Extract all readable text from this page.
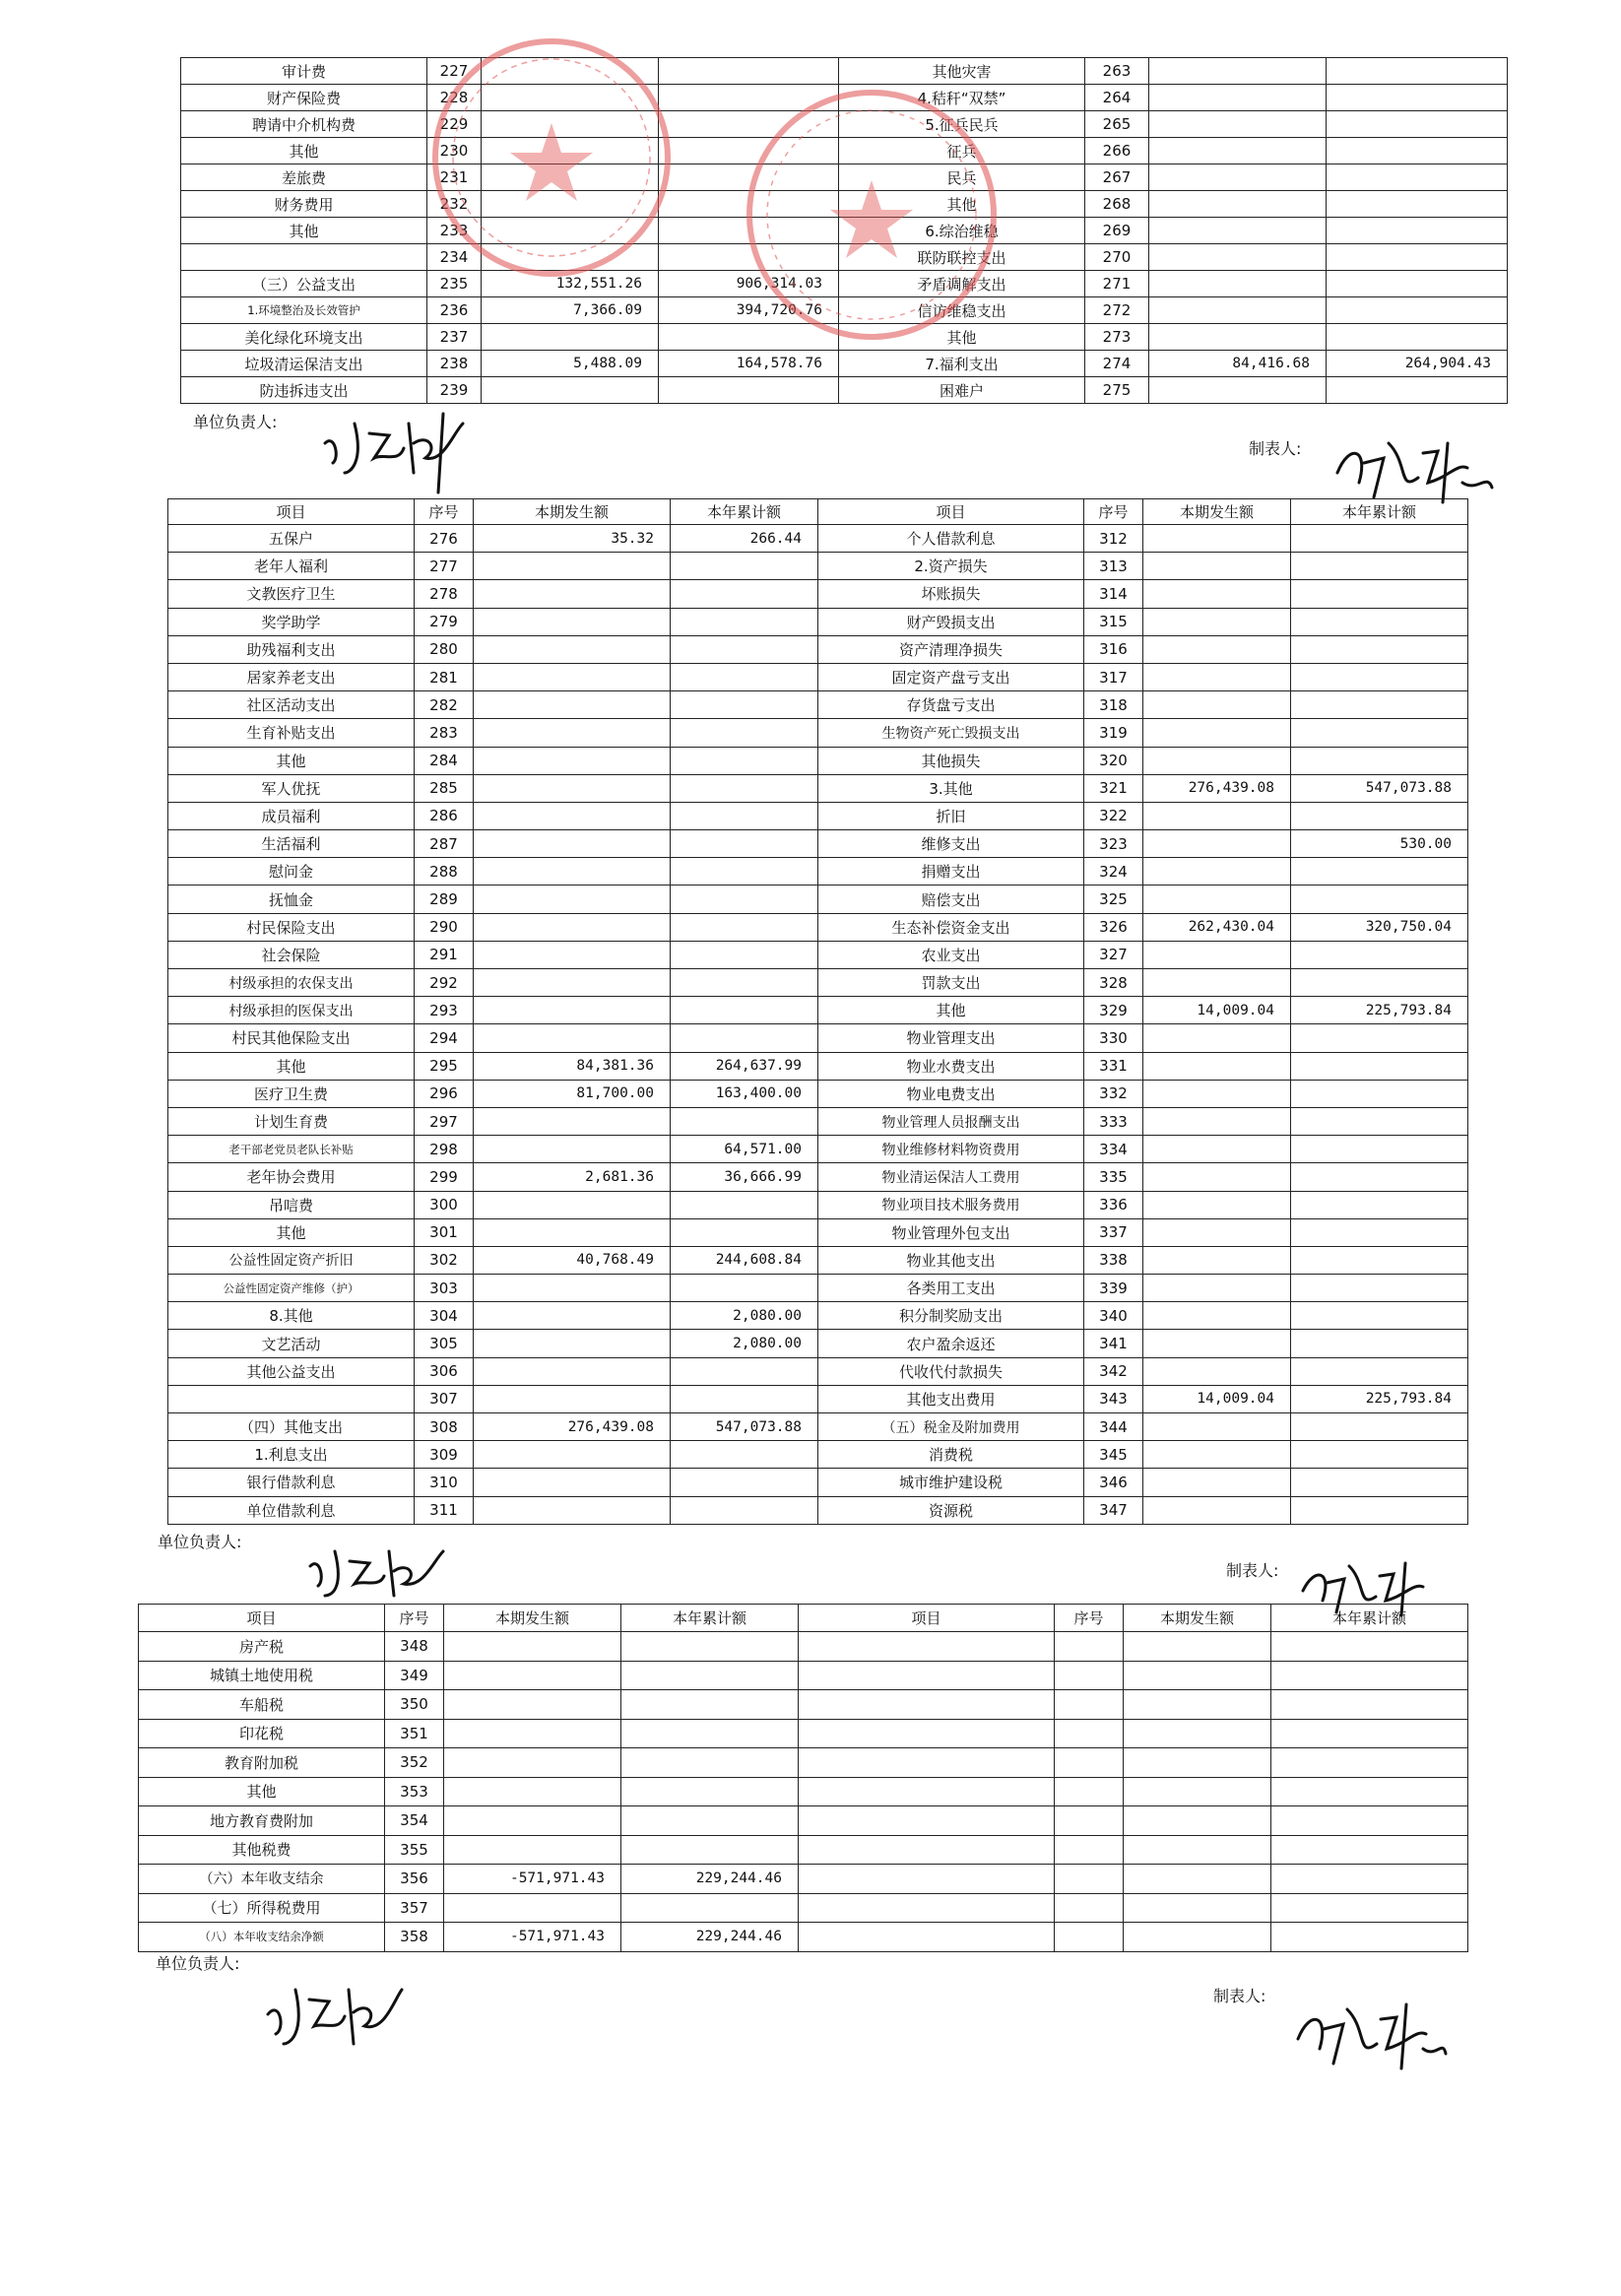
审计费	227			其他灾害	263		
财产保险费	228			4.秸秆“双禁”	264		
聘请中介机构费	229			5.征兵民兵	265		
其他	230			征兵	266		
差旅费	231			民兵	267		
财务费用	232			其他	268		
其他	233			6.综治维稳	269		
	234			联防联控支出	270		
（三）公益支出	235	132,551.26	906,314.03	矛盾调解支出	271		
1.环境整治及长效管护	236	7,366.09	394,720.76	信访维稳支出	272		
美化绿化环境支出	237			其他	273		
垃圾清运保洁支出	238	5,488.09	164,578.76	7.福利支出	274	84,416.68	264,904.43
防违拆违支出	239			困难户	275		
单位负责人:
制表人:
项目	序号	本期发生额	本年累计额	项目	序号	本期发生额	本年累计额
五保户	276	35.32	266.44	个人借款利息	312		
老年人福利	277			2.资产损失	313		
文教医疗卫生	278			坏账损失	314		
奖学助学	279			财产毁损支出	315		
助残福利支出	280			资产清理净损失	316		
居家养老支出	281			固定资产盘亏支出	317		
社区活动支出	282			存货盘亏支出	318		
生育补贴支出	283			生物资产死亡毁损支出	319		
其他	284			其他损失	320		
军人优抚	285			3.其他	321	276,439.08	547,073.88
成员福利	286			折旧	322		
生活福利	287			维修支出	323		530.00
慰问金	288			捐赠支出	324		
抚恤金	289			赔偿支出	325		
村民保险支出	290			生态补偿资金支出	326	262,430.04	320,750.04
社会保险	291			农业支出	327		
村级承担的农保支出	292			罚款支出	328		
村级承担的医保支出	293			其他	329	14,009.04	225,793.84
村民其他保险支出	294			物业管理支出	330		
其他	295	84,381.36	264,637.99	物业水费支出	331		
医疗卫生费	296	81,700.00	163,400.00	物业电费支出	332		
计划生育费	297			物业管理人员报酬支出	333		
老干部老党员老队长补贴	298		64,571.00	物业维修材料物资费用	334		
老年协会费用	299	2,681.36	36,666.99	物业清运保洁人工费用	335		
吊唁费	300			物业项目技术服务费用	336		
其他	301			物业管理外包支出	337		
公益性固定资产折旧	302	40,768.49	244,608.84	物业其他支出	338		
公益性固定资产维修（护）	303			各类用工支出	339		
8.其他	304		2,080.00	积分制奖励支出	340		
文艺活动	305		2,080.00	农户盈余返还	341		
其他公益支出	306			代收代付款损失	342		
	307			其他支出费用	343	14,009.04	225,793.84
（四）其他支出	308	276,439.08	547,073.88	（五）税金及附加费用	344		
1.利息支出	309			消费税	345		
银行借款利息	310			城市维护建设税	346		
单位借款利息	311			资源税	347		
单位负责人:
制表人:
项目	序号	本期发生额	本年累计额	项目	序号	本期发生额	本年累计额
房产税	348						
城镇土地使用税	349						
车船税	350						
印花税	351						
教育附加税	352						
其他	353						
地方教育费附加	354						
其他税费	355						
（六）本年收支结余	356	-571,971.43	229,244.46				
（七）所得税费用	357						
（八）本年收支结余净额	358	-571,971.43	229,244.46				
单位负责人:
制表人:
